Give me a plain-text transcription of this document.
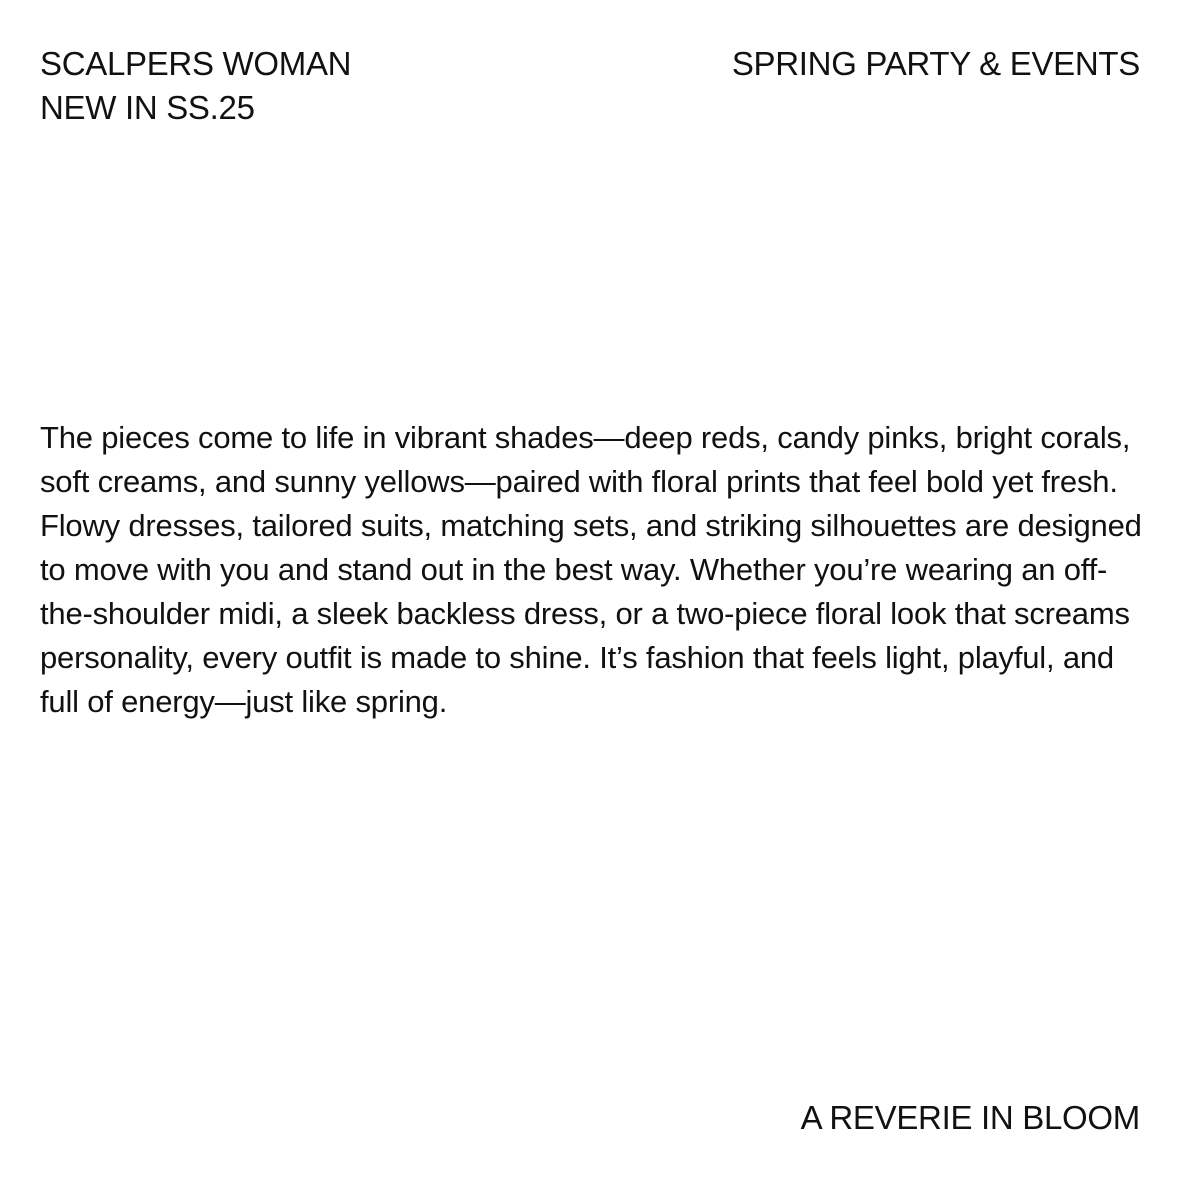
SCALPERS WOMAN
NEW IN SS.25
SPRING PARTY & EVENTS

The pieces come to life in vibrant shades—deep reds, candy pinks, bright corals, soft creams, and sunny yellows—paired with floral prints that feel bold yet fresh. Flowy dresses, tailored suits, matching sets, and striking silhouettes are designed to move with you and stand out in the best way. Whether you’re wearing an off-the-shoulder midi, a sleek backless dress, or a two-piece floral look that screams personality, every outfit is made to shine. It’s fashion that feels light, playful, and full of energy—just like spring.

A REVERIE IN BLOOM
